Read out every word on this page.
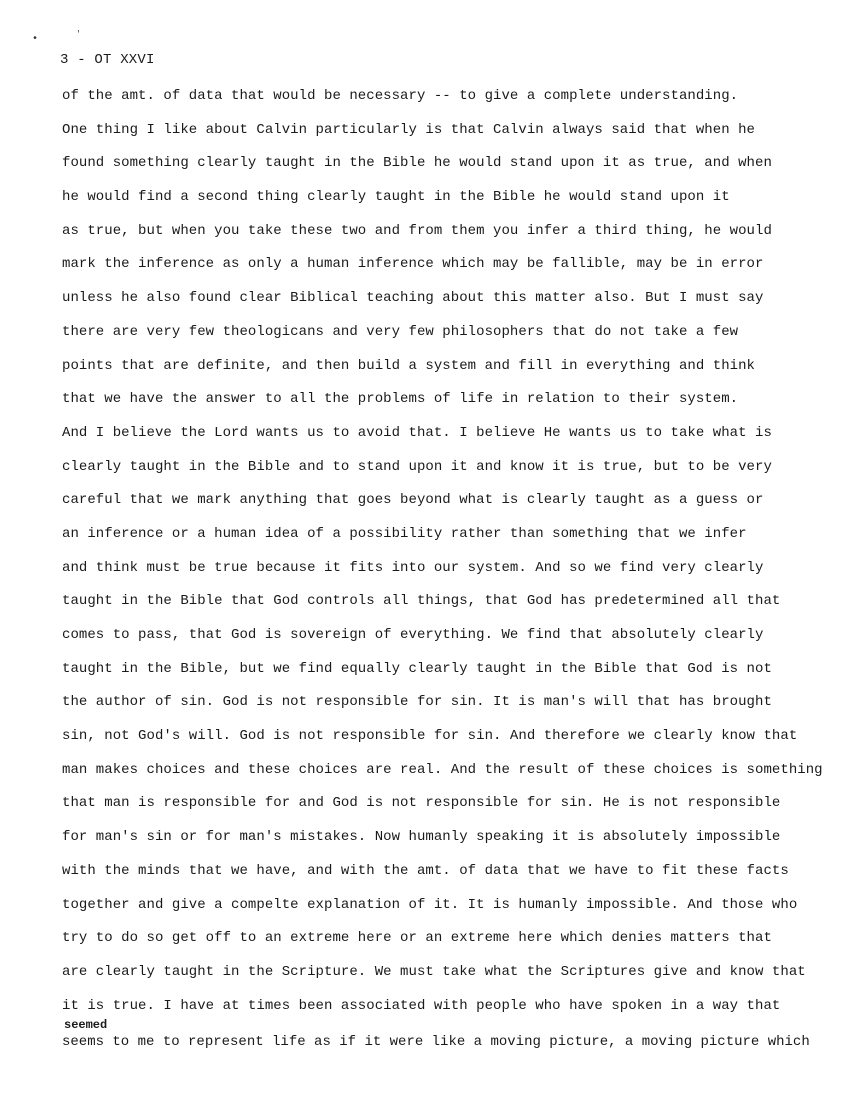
•	'
3 - OT XXVI
of the amt. of data that would be necessary -- to give a complete understanding.
One thing I like about Calvin particularly is that Calvin always said that when he
found something clearly taught in the Bible he would stand upon it as true, and when
he would find a second thing clearly taught in the Bible he would stand upon it
as true, but when you take these two and from them you infer a third thing, he would
mark the inference as only a human inference which may be fallible, may be in error
unless he also found clear Biblical teaching about this matter also. But I must say
there are very few theologicans and very few philosophers that do not take a few
points that are definite, and then build a system and fill in everything and think
that we have the answer to all the problems of life in relation to their system.
And I believe the Lord wants us to avoid that. I believe He wants us to take what is
clearly taught in the Bible and to stand upon it and know it is true, but to be very
careful that we mark anything that goes beyond what is clearly taught as a guess or
an inference or a human idea of a possibility rather than something that we infer
and think must be true because it fits into our system. And so we find very clearly
taught in the Bible that God controls all things, that God has predetermined all that
comes to pass, that God is sovereign of everything. We find that absolutely clearly
taught in the Bible, but we find equally clearly taught in the Bible that God is not
the author of sin. God is not responsible for sin. It is man's will that has brought
sin, not God's will. God is not responsible for sin. And therefore we clearly know that
man makes choices and these choices are real. And the result of these choices is something
that man is responsible for and God is not responsible for sin. He is not responsible
for man's sin or for man's mistakes. Now humanly speaking it is absolutely impossible
with the minds that we have, and with the amt. of data that we have to fit these facts
together and give a compelte explanation of it. It is humanly impossible. And those who
try to do so get off to an extreme here or an extreme here which denies matters that
are clearly taught in the Scripture. We must take what the Scriptures give and know that
it is true. I have at times been associated with people who have spoken in a way that
seemed
seems to me to represent life as if it were like a moving picture, a moving picture which
